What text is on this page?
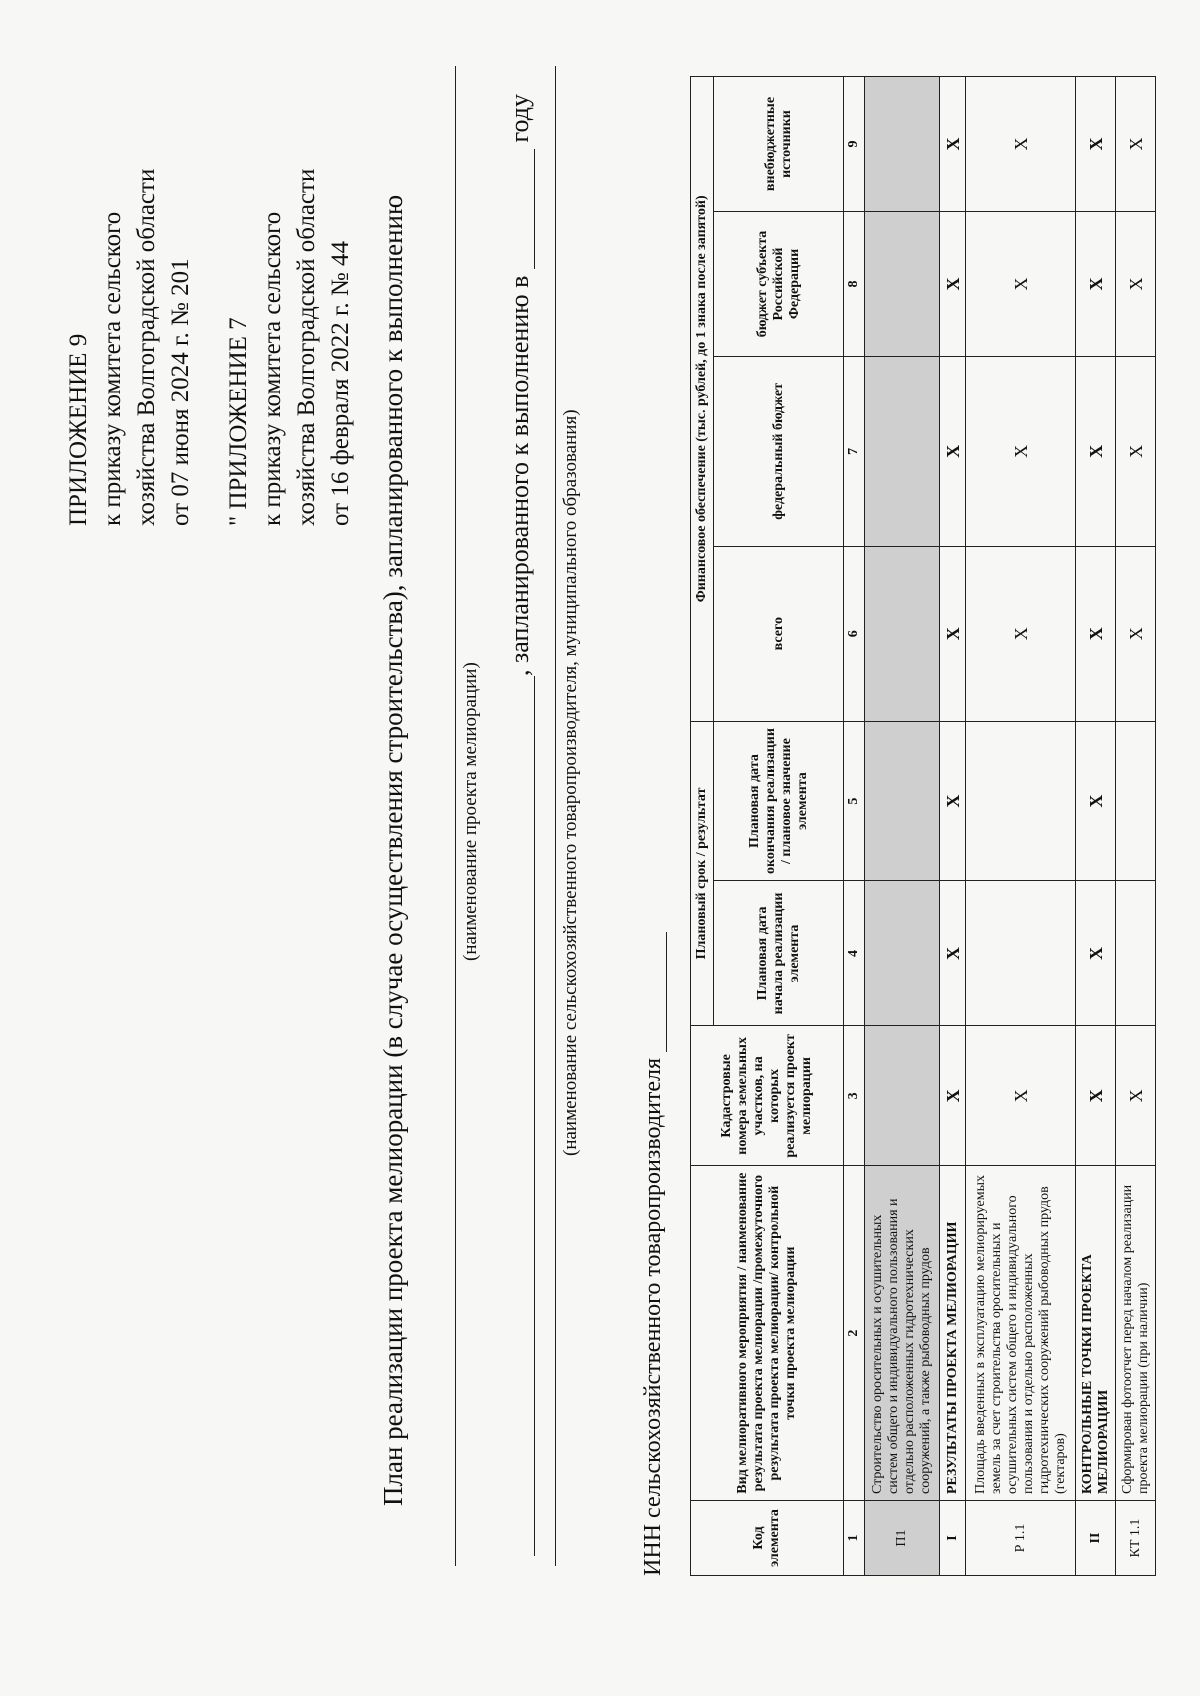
ПРИЛОЖЕНИЕ 9 к приказу комитета сельского хозяйства Волгоградской области от 07 июня 2024 г. № 201 " ПРИЛОЖЕНИЕ 7 к приказу комитета сельского хозяйства Волгоградской области от 16 февраля 2022 г. № 44 План реализации проекта мелиорации (в случае осуществления строительства), запланированного к выполнению	(наименование проекта мелиорации)
, запланированного к выполнению в  году
(наименование сельскохозяйственного товаропроизводителя, муниципального образования)
ИНН сельскохозяйственного товаропроизводителя	Код элемента	Вид мелиоративного мероприятия / наименование результата проекта мелиорации /промежуточного результата проекта мелиорации/ контрольной точки проекта мелиорации	Кадастровые номера земельных участков, на которых реализуется проект мелиорации	Плановый срок / результат		Финансовое обеспечение (тыс. рублей, до 1 знака после запятой)			
			Плановая дата начала реализации элемента	Плановая дата окончания реализации / плановое значение элемента	всего	федеральный бюджет	бюджет субъекта Российской Федерации	внебюджетные источники
1	2	3	4	5	6	7	8	9
П1	Строительство оросительных и осушительных систем общего и индивидуального пользования и отдельно расположенных гидротехнических сооружений, а также рыбоводных прудов							
I	РЕЗУЛЬТАТЫ ПРОЕКТА МЕЛИОРАЦИИ	X	X	X	X	X	X	X
Р 1.1	Площадь введенных в эксплуатацию мелиорируемых земель за счет строительства оросительных и осушительных систем общего и индивидуального пользования и отдельно расположенных гидротехнических сооружений рыбоводных прудов (гектаров)	X			X	X	X	X
II	КОНТРОЛЬНЫЕ ТОЧКИ ПРОЕКТА МЕЛИОРАЦИИ	X	X	X	X	X	X	X
КТ 1.1	Сформирован фотоотчет перед началом реализации проекта мелиорации (при наличии)	X			X	X	X	X
